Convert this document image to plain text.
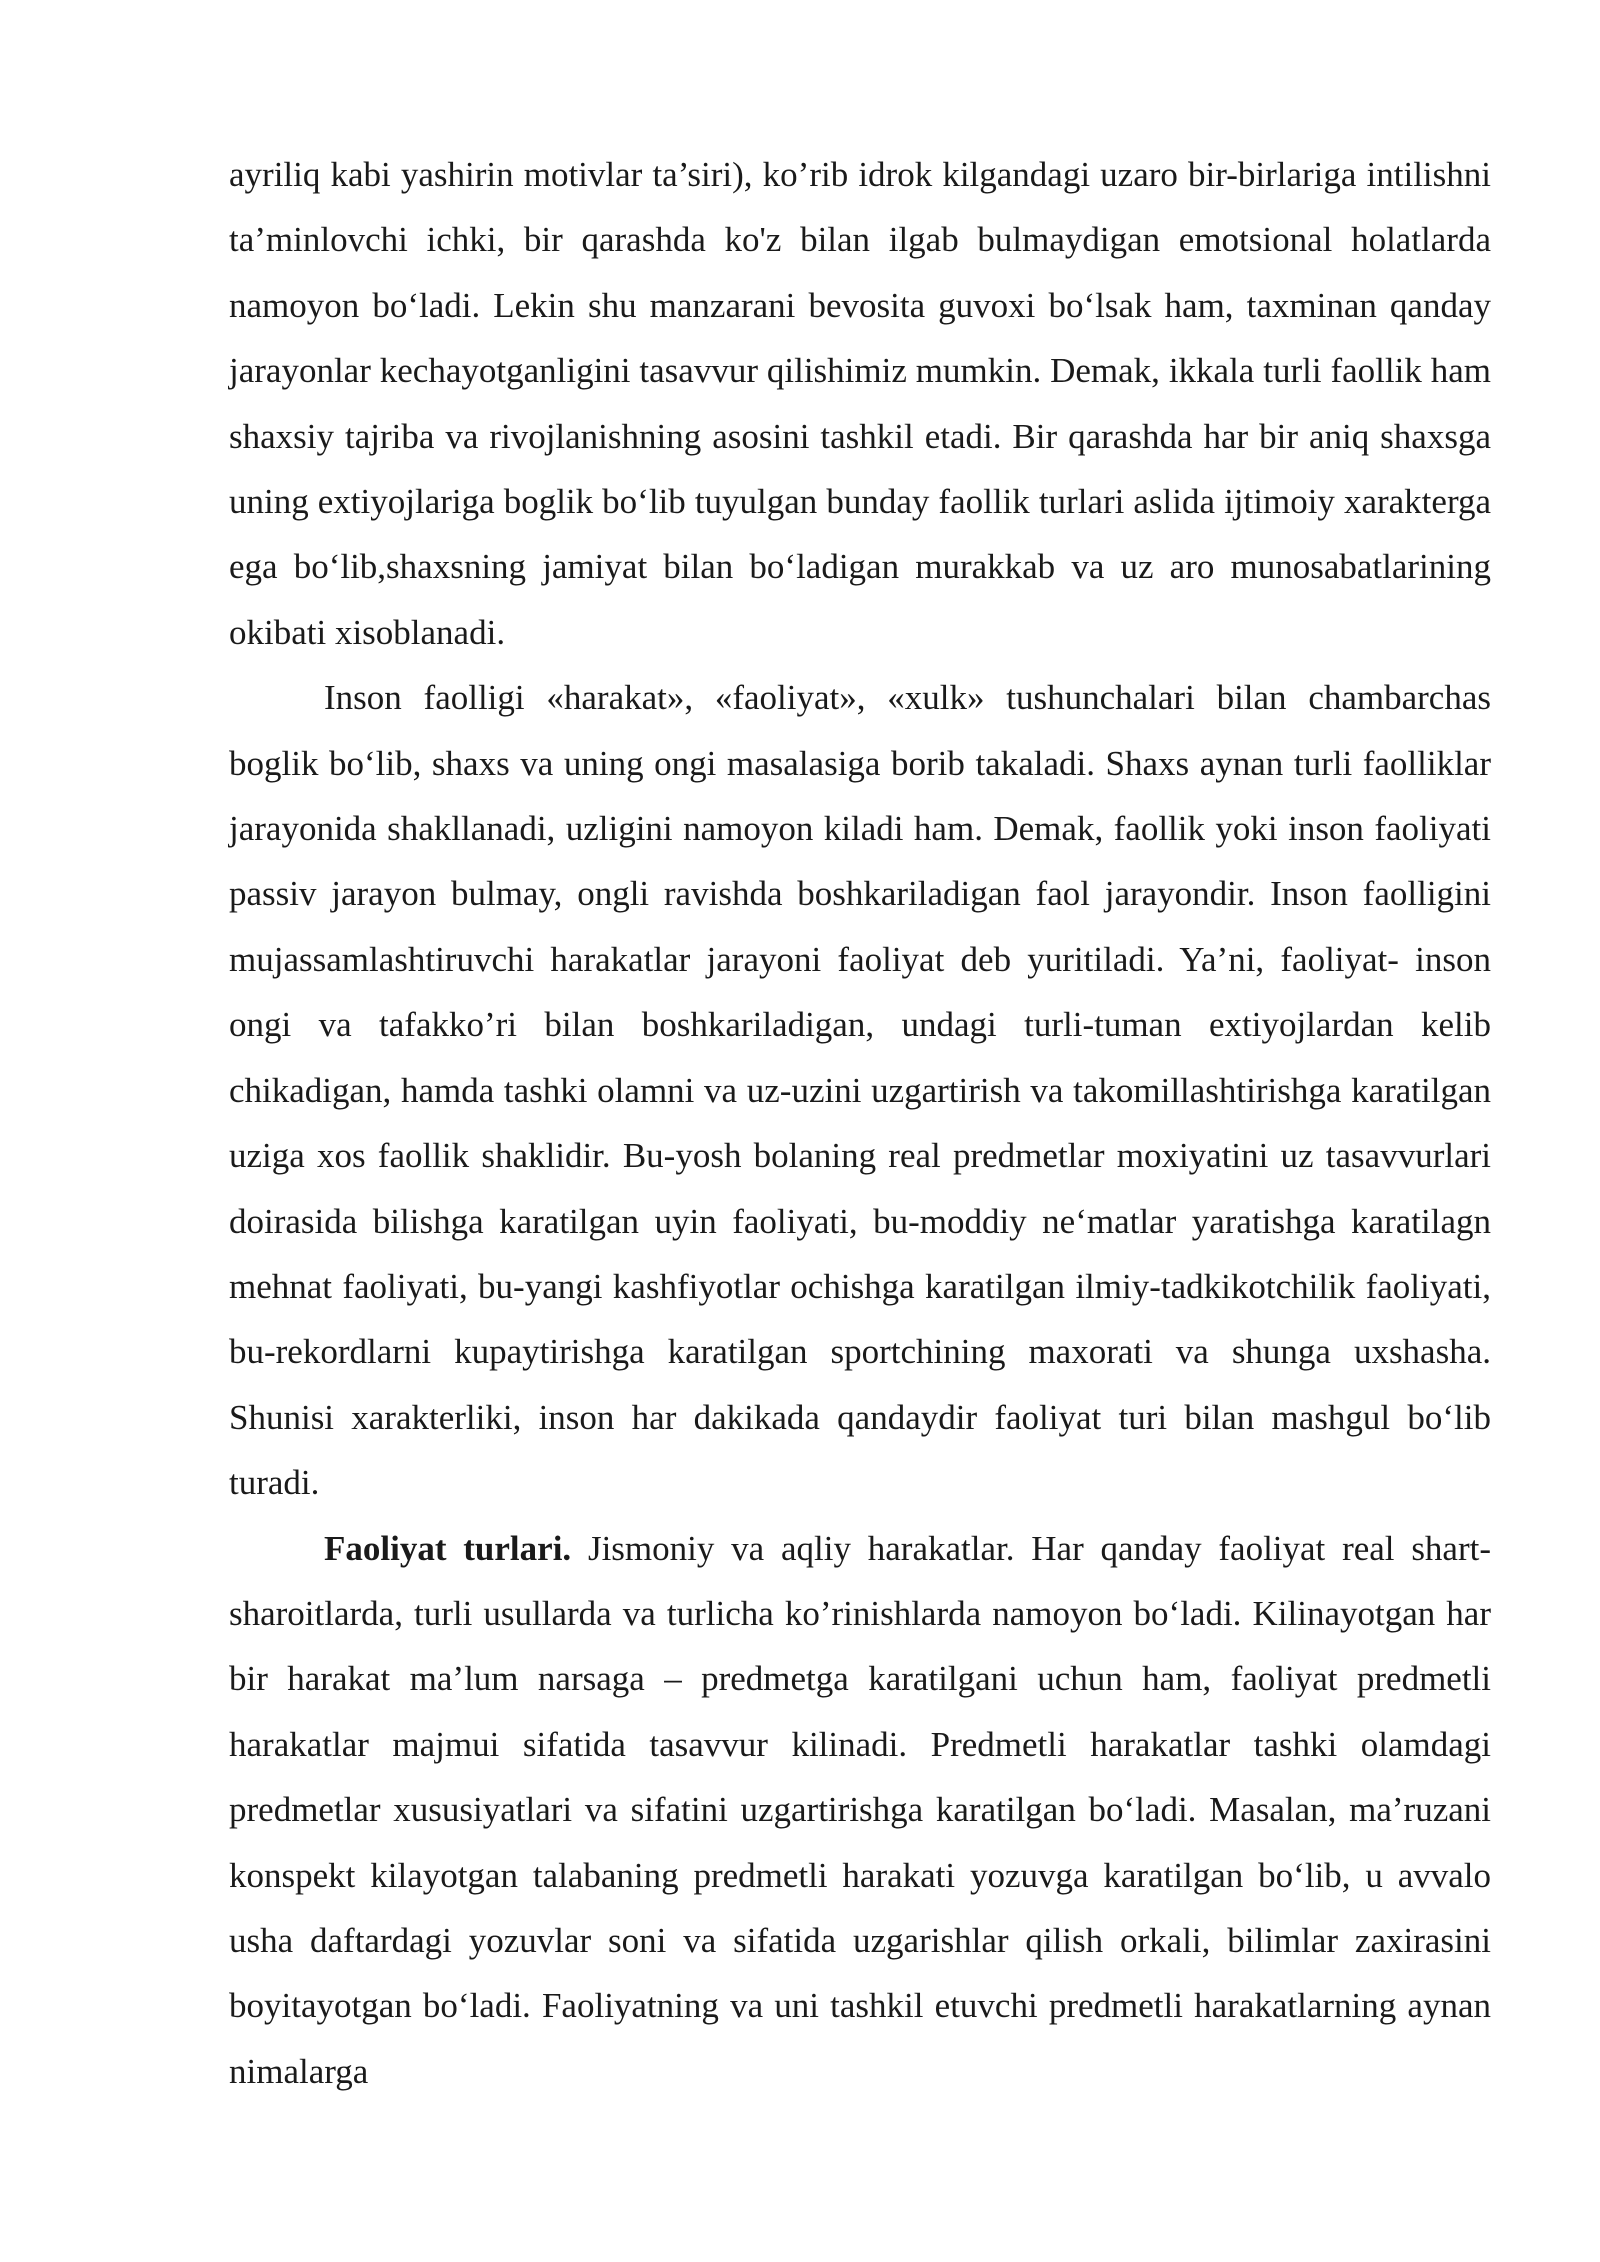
ayriliq kabi yashirin motivlar ta’siri), ko’rib idrok kilgandagi uzaro bir-birlariga intilishni ta’minlovchi ichki, bir qarashda ko'z bilan ilgab bulmaydigan emotsional holatlarda namoyon bo‘ladi. Lekin shu manzarani bevosita guvoxi bo‘lsak ham, taxminan qanday jarayonlar kechayotganligini tasavvur qilishimiz mumkin. Demak, ikkala turli faollik ham shaxsiy tajriba va rivojlanishning asosini tashkil etadi. Bir qarashda har bir aniq shaxsga uning extiyojlariga boglik bo‘lib tuyulgan bunday faollik turlari aslida ijtimoiy xarakterga ega bo‘lib,shaxsning jamiyat bilan bo‘ladigan murakkab va uz aro munosabatlarining okibati xisoblanadi.

Inson faolligi «harakat», «faoliyat», «xulk» tushunchalari bilan chambarchas boglik bo‘lib, shaxs va uning ongi masalasiga borib takaladi. Shaxs aynan turli faolliklar jarayonida shakllanadi, uzligini namoyon kiladi ham. Demak, faollik yoki inson faoliyati passiv jarayon bulmay, ongli ravishda boshkariladigan faol jarayondir. Inson faolligini mujassamlashtiruvchi harakatlar jarayoni faoliyat deb yuritiladi. Ya’ni, faoliyat- inson ongi va tafakko’ri bilan boshkariladigan, undagi turli-tuman extiyojlardan kelib chikadigan, hamda tashki olamni va uz-uzini uzgartirish va takomillashtirishga karatilgan uziga xos faollik shaklidir. Bu-yosh bolaning real predmetlar moxiyatini uz tasavvurlari doirasida bilishga karatilgan uyin faoliyati, bu-moddiy ne‘matlar yaratishga karatilagn mehnat faoliyati, bu-yangi kashfiyotlar ochishga karatilgan ilmiy-tadkikotchilik faoliyati, bu-rekordlarni kupaytirishga karatilgan sportchining maxorati va shunga uxshasha. Shunisi xarakterliki, inson har dakikada qandaydir faoliyat turi bilan mashgul bo‘lib turadi.

Faoliyat turlari. Jismoniy va aqliy harakatlar. Har qanday faoliyat real shart-sharoitlarda, turli usullarda va turlicha ko’rinishlarda namoyon bo‘ladi. Kilinayotgan har bir harakat ma’lum narsaga – predmetga karatilgani uchun ham, faoliyat predmetli harakatlar majmui sifatida tasavvur kilinadi. Predmetli harakatlar tashki olamdagi predmetlar xususiyatlari va sifatini uzgartirishga karatilgan bo‘ladi. Masalan, ma’ruzani konspekt kilayotgan talabaning predmetli harakati yozuvga karatilgan bo‘lib, u avvalo usha daftardagi yozuvlar soni va sifatida uzgarishlar qilish orkali, bilimlar zaxirasini boyitayotgan bo‘ladi. Faoliyatning va uni tashkil etuvchi predmetli harakatlarning aynan nimalarga
